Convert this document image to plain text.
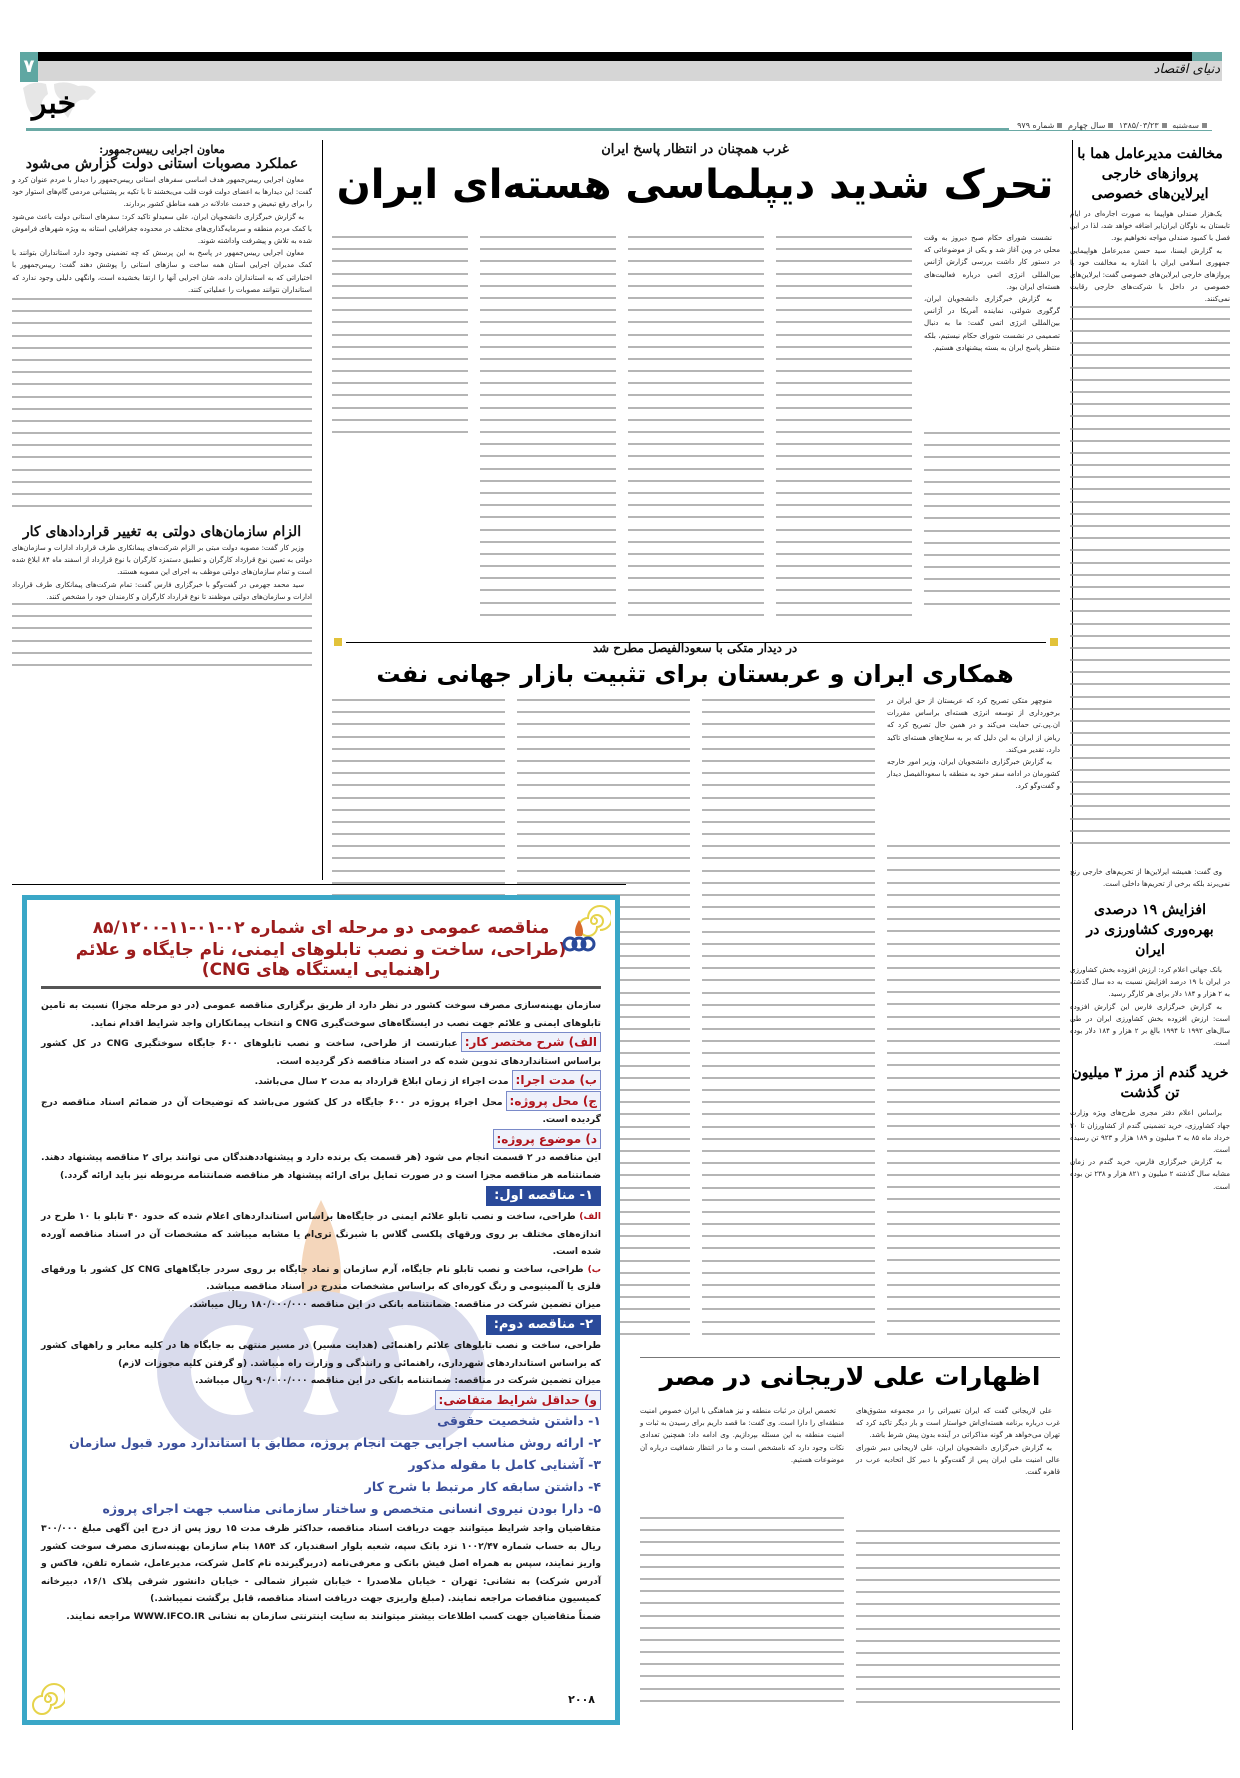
۷	دنیای اقتصاد
خبر
سه‌شنبه ۱۳۸۵/۰۳/۲۳ سال چهارم شماره ۹۷۹
مخالفت مدیرعامل هما با پروازهای خارجی ایرلاین‌های خصوصی

یک‌هزار صندلی هواپیما به صورت اجاره‌ای در ایام تابستان به ناوگان ایران‌ایر اضافه خواهد شد، لذا در این فصل با کمبود صندلی مواجه نخواهیم بود.

به گزارش ایسنا، سید حسن مدیرعامل هواپیمایی جمهوری اسلامی ایران با اشاره به مخالفت خود با پروازهای خارجی ایرلاین‌های خصوصی گفت: ایرلاین‌های خصوصی در داخل با شرکت‌های خارجی رقابت نمی‌کنند.

وی گفت: همیشه ایرلاین‌ها از تحریم‌های خارجی رنج نمی‌برند بلکه برخی از تحریم‌ها داخلی است.

افزایش ۱۹ درصدی بهره‌وری کشاورزی در ایران

بانک جهانی اعلام کرد: ارزش افزوده بخش کشاورزی در ایران با ۱۹ درصد افزایش نسبت به ده سال گذشته به ۲ هزار و ۱۸۴ دلار برای هر کارگر رسید.

به گزارش خبرگزاری فارس این گزارش افزوده است: ارزش افزوده بخش کشاورزی ایران در طی سال‌های ۱۹۹۲ تا ۱۹۹۴ بالغ بر ۲ هزار و ۱۸۴ دلار بوده است.

خرید گندم از مرز ۳ میلیون تن گذشت

براساس اعلام دفتر مجری طرح‌های ویژه وزارت جهاد کشاورزی، خرید تضمینی گندم از کشاورزان تا ۲۰ خرداد ماه ۸۵ به ۳ میلیون و ۱۸۹ هزار و ۹۲۳ تن رسیده است.

به گزارش خبرگزاری فارس، خرید گندم در زمان مشابه سال گذشته ۲ میلیون و ۸۲۱ هزار و ۲۳۸ تن بوده است.

غرب همچنان در انتظار پاسخ ایران
تحرک شدید دیپلماسی هسته‌ای ایران

نشست شورای حکام صبح دیروز به وقت محلی در وین آغاز شد و یکی از موضوعاتی که در دستور کار داشت بررسی گزارش آژانس بین‌المللی انرژی اتمی درباره فعالیت‌های هسته‌ای ایران بود.

به گزارش خبرگزاری دانشجویان ایران، گرگوری شولتی، نماینده آمریکا در آژانس بین‌المللی انرژی اتمی گفت: ما به دنبال تصمیمی در نشست شورای حکام نیستیم، بلکه منتظر پاسخ ایران به بسته پیشنهادی هستیم.

در دیدار متکی با سعودالفیصل مطرح شد
همکاری ایران و عربستان برای تثبیت بازار جهانی نفت

منوچهر متکی تصریح کرد که عربستان از حق ایران در برخورداری از توسعه انرژی هسته‌ای براساس مقررات ان.پی.تی حمایت می‌کند و در همین حال تصریح کرد که ریاض از ایران به این دلیل که بر به سلاح‌های هسته‌ای تاکید دارد، تقدیر می‌کند.

به گزارش خبرگزاری دانشجویان ایران، وزیر امور خارجه کشورمان در ادامه سفر خود به منطقه با سعودالفیصل دیدار و گفت‌وگو کرد.

اظهارات علی لاریجانی در مصر

علی لاریجانی گفت که ایران تغییراتی را در مجموعه مشوق‌های غرب درباره برنامه هسته‌ای‌اش خواستار است و بار دیگر تاکید کرد که تهران می‌خواهد هر گونه مذاکراتی در آینده بدون پیش شرط باشد.

به گزارش خبرگزاری دانشجویان ایران، علی لاریجانی دبیر شورای عالی امنیت ملی ایران پس از گفت‌وگو با دبیر کل اتحادیه عرب در قاهره گفت.

تخصص ایران در ثبات منطقه و نیز هماهنگی با ایران خصوص امنیت منطقه‌ای را دارا است. وی گفت: ما قصد داریم برای رسیدن به ثبات و امنیت منطقه به این مسئله بپردازیم. وی ادامه داد: همچنین تعدادی نکات وجود دارد که نامشخص است و ما در انتظار شفافیت درباره آن موضوعات هستیم.

معاون اجرایی رییس‌جمهور:
عملکرد مصوبات استانی دولت گزارش می‌شود

معاون اجرایی رییس‌جمهور هدف اساسی سفرهای استانی رییس‌جمهور را دیدار با مردم عنوان کرد و گفت: این دیدارها به اعضای دولت قوت قلب می‌بخشند تا با تکیه بر پشتیبانی مردمی گام‌های استوار خود را برای رفع تبعیض و خدمت عادلانه در همه مناطق کشور بردارند.

به گزارش خبرگزاری دانشجویان ایران، علی سعیدلو تاکید کرد: سفرهای استانی دولت باعث می‌شود با کمک مردم منطقه و سرمایه‌گذاری‌های مختلف در محدوده جغرافیایی استانه به ویژه شهرهای فراموش شده به تلاش و پیشرفت واداشته شوند.

معاون اجرایی رییس‌جمهور در پاسخ به این پرسش که چه تضمینی وجود دارد استانداران بتوانند با کمک مدیران اجرایی استان همه ساخت و سازهای استانی را پوشش دهند گفت: رییس‌جمهور با اختیاراتی که به استانداران داده، شان اجرایی آنها را ارتقا بخشیده است، وانگهی دلیلی وجود ندارد که استانداران نتوانند مصوبات را عملیاتی کنند.

الزام سازمان‌های دولتی به تغییر قراردادهای کار

وزیر کار گفت: مصوبه دولت مبتی بر الزام شرکت‌های پیمانکاری طرف قرارداد ادارات و سازمان‌های دولتی به تعیین نوع قرارداد کارگران و تطبیق دستمزد کارگران با نوع قرارداد از اسفند ماه ۸۴ ابلاغ شده است و تمام سازمان‌های دولتی موظف به اجرای این مصوبه هستند.

سید محمد جهرمی در گفت‌وگو با خبرگزاری فارس گفت: تمام شرکت‌های پیمانکاری طرف قرارداد ادارات و سازمان‌های دولتی موظفند تا نوع قرارداد کارگران و کارمندان خود را مشخص کنند.

مناقصه عمومی دو مرحله ای شماره ۰۲-۰۱-۱۱-۸۵/۱۲۰۰
(طراحی، ساخت و نصب تابلوهای ایمنی، نام جایگاه و علائم راهنمایی ایستگاه های CNG)
سازمان بهینه‌سازی مصرف سوخت کشور در نظر دارد از طریق برگزاری مناقصه عمومی (در دو مرحله مجزا) نسبت به تامین تابلوهای ایمنی و علائم جهت نصب در ایستگاه‌های سوخت‌گیری CNG و انتخاب پیمانکاران واجد شرایط اقدام نماید.
الف) شرح مختصر کار:عبارتست از طراحی، ساخت و نصب تابلوهای ۶۰۰ جایگاه سوختگیری CNG در کل کشور براساس استانداردهای تدوین شده که در اسناد مناقصه ذکر گردیده است.
ب) مدت اجرا:مدت اجراء از زمان ابلاغ قرارداد به مدت ۲ سال می‌باشد.
ج) محل پروژه:محل اجراء پروژه در ۶۰۰ جایگاه در کل کشور می‌باشد که توضیحات آن در ضمائم اسناد مناقصه درج گردیده است.
د) موضوع پروژه:
این مناقصه در ۲ قسمت انجام می شود (هر قسمت یک برنده دارد و پیشنهاددهندگان می توانند برای ۲ مناقصه پیشنهاد دهند. ضمانتنامه هر مناقصه مجزا است و در صورت تمایل برای ارائه پیشنهاد هر مناقصه ضمانتنامه مربوطه نیز باید ارائه گردد.)
۱- مناقصه اول:
الف) طراحی، ساخت و نصب تابلو علائم ایمنی در جایگاه‌ها براساس استانداردهای اعلام شده که حدود ۴۰ تابلو با ۱۰ طرح در اندازه‌های مختلف بر روی ورقهای پلکسی گلاس با شبرنگ تری‌ام یا مشابه میباشد که مشخصات آن در اسناد مناقصه آورده شده است.
ب) طراحی، ساخت و نصب تابلو نام جایگاه، آرم سازمان و نماد جایگاه بر روی سردر جایگاههای CNG کل کشور با ورقهای فلزی یا آلمینیومی و رنگ کوره‌ای که براساس مشخصات مندرج در اسناد مناقصه میباشد.
میزان تضمین شرکت در مناقصه: ضمانتنامه بانکی در این مناقصه ۱۸۰/۰۰۰/۰۰۰ ریال میباشد.
۲- مناقصه دوم:
طراحی، ساخت و نصب تابلوهای علائم راهنمائی (هدایت مسیر) در مسیر منتهی به جایگاه ها در کلیه معابر و راههای کشور که براساس استانداردهای شهرداری، راهنمائی و رانندگی و وزارت راه میباشد. (و گرفتن کلیه مجوزات لازم)
میزان تضمین شرکت در مناقصه: ضمانتنامه بانکی در این مناقصه ۹۰/۰۰۰/۰۰۰ ریال میباشد.
و) حداقل شرایط متقاضی:
۱- داشتن شخصیت حقوقی
۲- ارائه روش مناسب اجرایی جهت انجام پروژه، مطابق با استاندارد مورد قبول سازمان
۳- آشنایی کامل با مقوله مذکور
۴- داشتن سابقه کار مرتبط با شرح کار
۵- دارا بودن نیروی انسانی متخصص و ساختار سازمانی مناسب جهت اجرای پروژه
متقاضیان واجد شرایط میتوانند جهت دریافت اسناد مناقصه، حداکثر ظرف مدت ۱۵ روز پس از درج این آگهی مبلغ ۳۰۰/۰۰۰ ریال به حساب شماره ۱۰۰۲/۴۷ نزد بانک سپه، شعبه بلوار اسفندیار، کد ۱۸۵۴ بنام سازمان بهینه‌سازی مصرف سوخت کشور واریز نمایند، سپس به همراه اصل فیش بانکی و معرفی‌نامه (دربرگیرنده نام کامل شرکت، مدیرعامل، شماره تلفن، فاکس و آدرس شرکت) به نشانی: تهران - خیابان ملاصدرا - خیابان شیراز شمالی - خیابان دانشور شرقی پلاک ۱۶/۱، دبیرخانه کمیسیون مناقصات مراجعه نمایند. (مبلغ واریزی جهت دریافت اسناد مناقصه، قابل برگشت نمیباشد.)
ضمناً متقاضیان جهت کسب اطلاعات بیشتر میتوانند به سایت اینترنتی سازمان به نشانی WWW.IFCO.IR مراجعه نمایند.
۲۰۰۸
